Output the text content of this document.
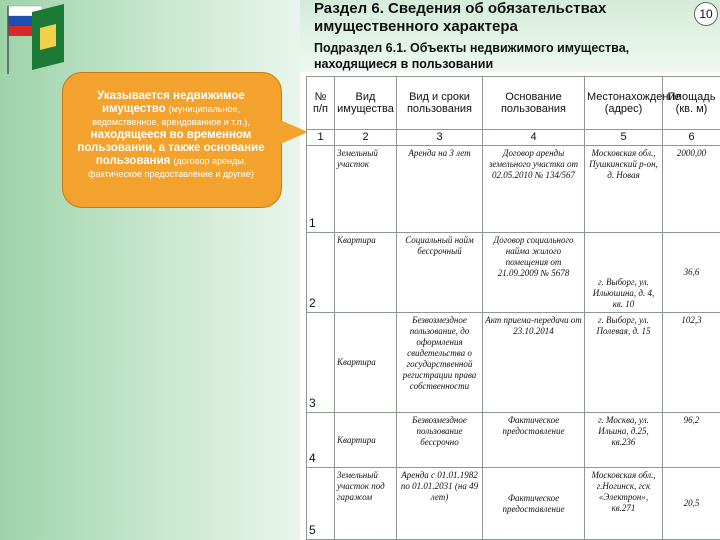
Раздел 6. Сведения об обязательствах имущественного характера
Подраздел 6.1. Объекты недвижимого имущества, находящиеся в пользовании
10
Указывается недвижимое имущество (муниципальное, ведомственное, арендованное и т.п.), находящееся во временном пользовании, а также основание пользования (договор аренды, фактическое предоставление и другие)
№ п/п	Вид имущества	Вид и сроки пользования	Основание пользования	Местонахождение (адрес)	Площадь (кв. м)
1	2	3	4	5	6
1	Земельный участок	Аренда на 3 лет	Договор аренды земельного участка от 02.05.2010 № 134/567	Московская обл., Пушкинский р-он, д. Новая	2000,00
2	Квартира	Социальный найм бессрочный	Договор социального найма жилого помещения от 21.09.2009 № 5678	г. Выборг, ул. Ильюшина, д. 4, кв. 10	36,6
3	Квартира	Безвозмездное пользование, до оформления свидетельства о государственной регистрации права собственности	Акт приема-передачи от 23.10.2014	г. Выборг, ул. Полевая, д. 15	102,3
4	Квартира	Безвозмездное пользование бессрочно	Фактическое предоставление	г. Москва, ул. Ильина, д.25, кв.236	96,2
5	Земельный участок под гаражом	Аренда с 01.01.1982 по 01.01.2031 (на 49 лет)	Фактическое предоставление	Московская обл., г.Ногинск, гск «Электрон», кв.271	20,5
